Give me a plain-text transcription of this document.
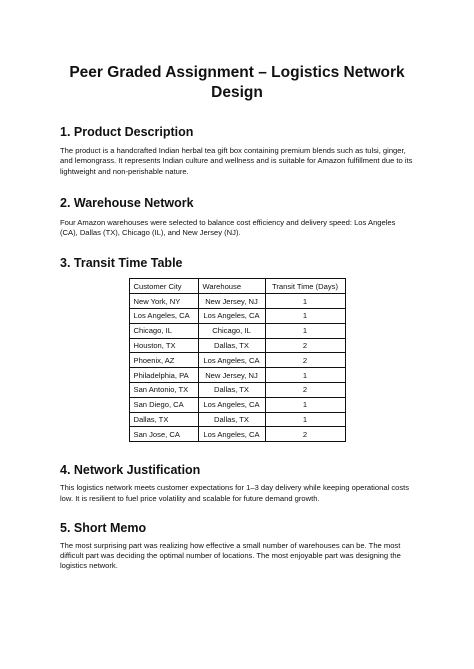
Peer Graded Assignment – Logistics Network Design
1. Product Description

The product is a handcrafted Indian herbal tea gift box containing premium blends such as tulsi, ginger, and lemongrass. It represents Indian culture and wellness and is suitable for Amazon fulfillment due to its lightweight and non-perishable nature.

2. Warehouse Network

Four Amazon warehouses were selected to balance cost efficiency and delivery speed: Los Angeles (CA), Dallas (TX), Chicago (IL), and New Jersey (NJ).

3. Transit Time Table
Customer City	Warehouse	Transit Time (Days)
New York, NY	New Jersey, NJ	1
Los Angeles, CA	Los Angeles, CA	1
Chicago, IL	Chicago, IL	1
Houston, TX	Dallas, TX	2
Phoenix, AZ	Los Angeles, CA	2
Philadelphia, PA	New Jersey, NJ	1
San Antonio, TX	Dallas, TX	2
San Diego, CA	Los Angeles, CA	1
Dallas, TX	Dallas, TX	1
San Jose, CA	Los Angeles, CA	2
4. Network Justification

This logistics network meets customer expectations for 1–3 day delivery while keeping operational costs low. It is resilient to fuel price volatility and scalable for future demand growth.

5. Short Memo

The most surprising part was realizing how effective a small number of warehouses can be. The most difficult part was deciding the optimal number of locations. The most enjoyable part was designing the logistics network.
